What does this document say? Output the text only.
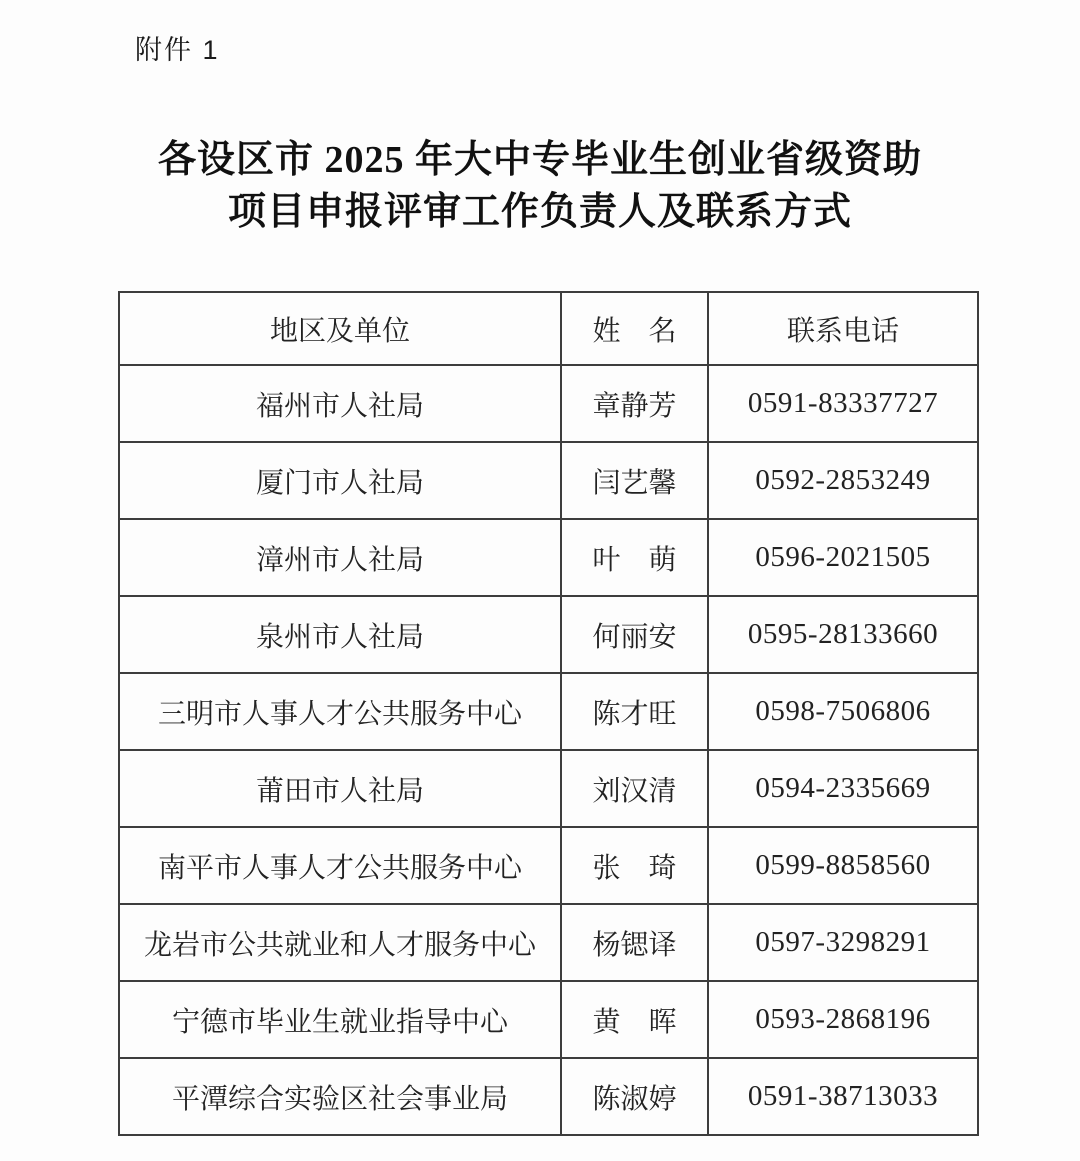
附件 1
各设区市 2025 年大中专毕业生创业省级资助
项目申报评审工作负责人及联系方式
地区及单位	姓　名	联系电话
福州市人社局	章静芳	0591-83337727
厦门市人社局	闫艺馨	0592-2853249
漳州市人社局	叶　萌	0596-2021505
泉州市人社局	何丽安	0595-28133660
三明市人事人才公共服务中心	陈才旺	0598-7506806
莆田市人社局	刘汉清	0594-2335669
南平市人事人才公共服务中心	张　琦	0599-8858560
龙岩市公共就业和人才服务中心	杨锶译	0597-3298291
宁德市毕业生就业指导中心	黄　晖	0593-2868196
平潭综合实验区社会事业局	陈淑婷	0591-38713033
